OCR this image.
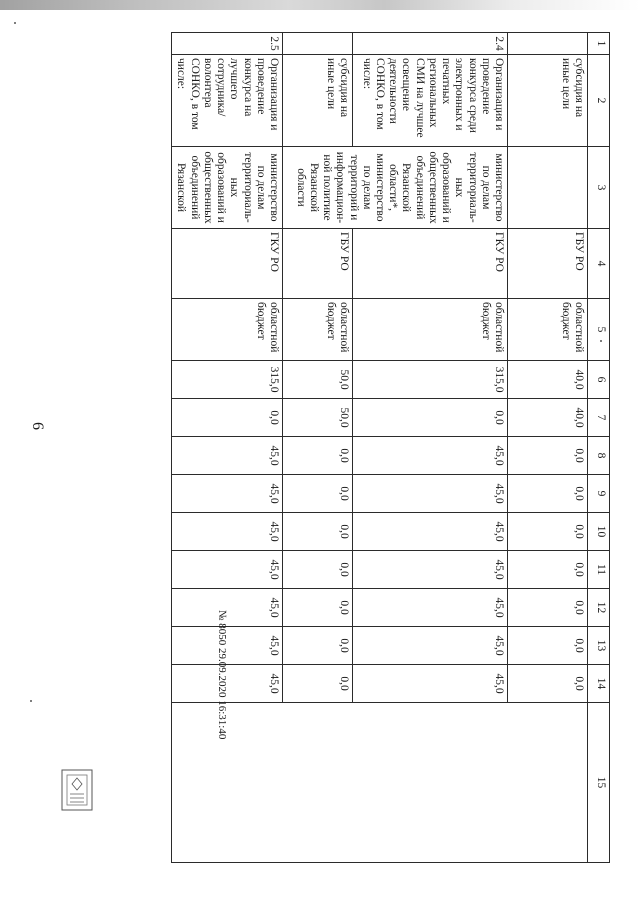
6
1	2	3	4	5	6	7	8	9	10	11	12	13	14	15
	субсидия на иные цели		ГБУ РО	областной бюджет	40,0	40,0	0,0	0,0	0,0	0,0	0,0	0,0	0,0	
2.4	Организация и проведение конкурса среди электронных и печатных региональных СМИ на лучшее освещение деятельности СОНКО, в том числе:	министерство по делам территориаль-ных образований и общественных объединений Рязанской области*, министерство по делам территорий и информацион-ной политике Рязанской области	ГКУ РО	областной бюджет	315,0	0,0	45,0	45,0	45,0	45,0	45,0	45,0	45,0	
	субсидия на иные цели		ГБУ РО	областной бюджет	50,0	50,0	0,0	0,0	0,0	0,0	0,0	0,0	0,0	
2.5	Организация и проведение конкурса на лучшего сотрудника/ волонтера СОНКО, в том числе:	министерство по делам территориаль-ных образований и общественных объединений Рязанской	ГКУ РО	областной бюджет	315,0	0,0	45,0	45,0	45,0	45,0	45,0	45,0	45,0	
№ 8050 29.09.2020 16:31:40
